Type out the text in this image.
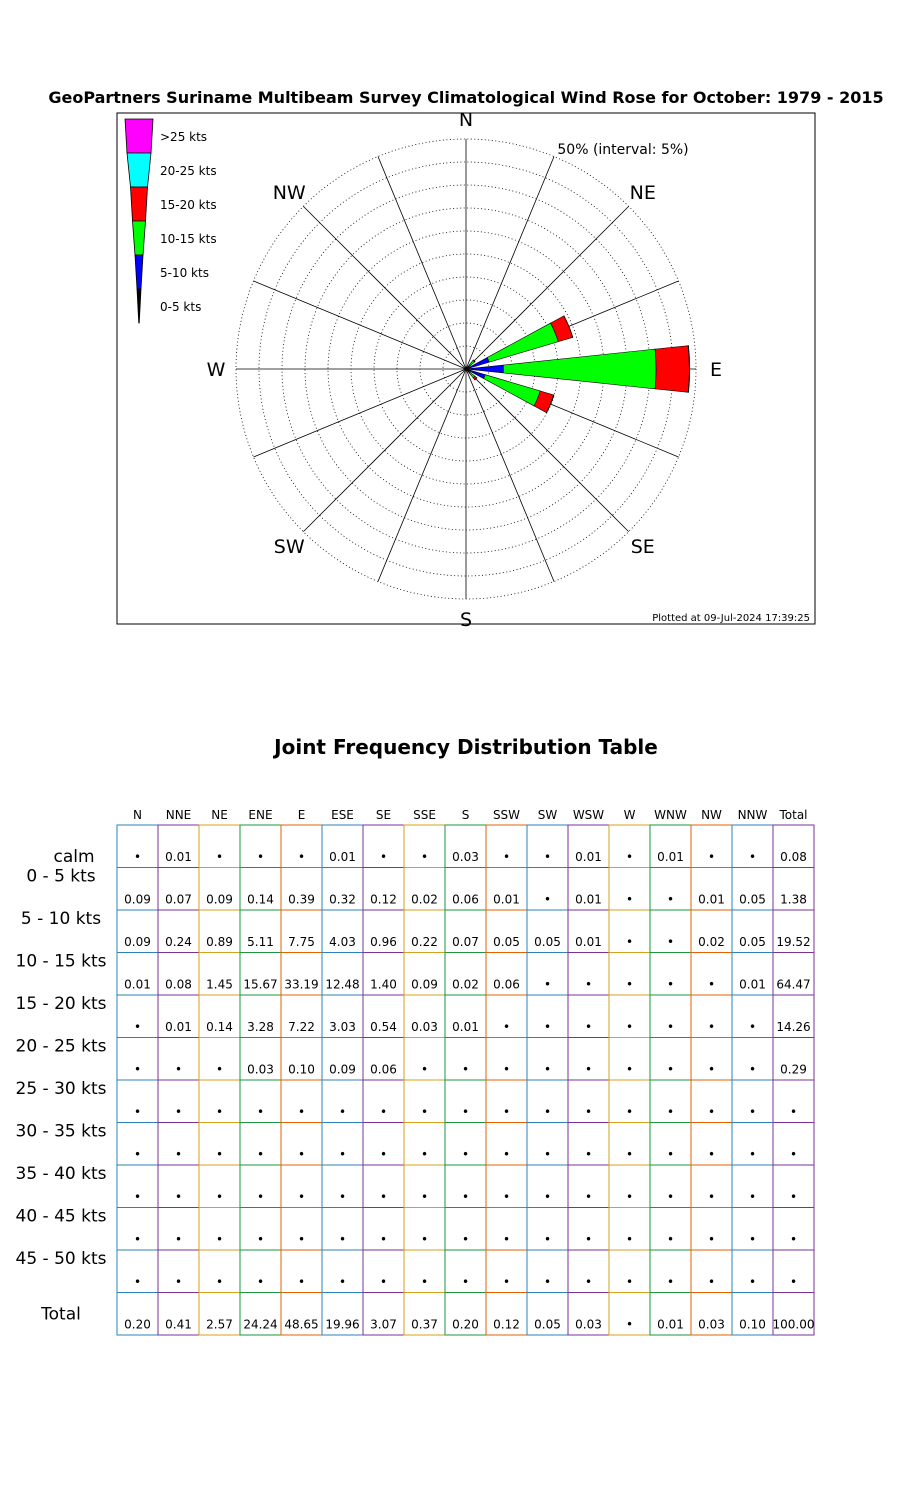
GeoPartners Suriname Multibeam Survey Climatological Wind Rose for October: 1979 - 2015
>25 kts
20-25 kts
15-20 kts
10-15 kts
5-10 kts
0-5 kts
50% (interval: 5%)
Plotted at 09-Jul-2024 17:39:25
N
NE
E
SE
S
SW
W
NW
Joint Frequency Distribution Table
N NNE NE ENE E ESE SE SSE S SSW SW WSW W WNW NW NNW Total
calm	• 0.01 •	•	• 0.01 •	• 0.03 •	• 0.01 • 0.01 •	• 0.08
0 - 5 kts
0.09 0.07 0.09 0.14 0.39 0.32 0.12 0.02 0.06 0.01 • 0.01 •	• 0.01 0.05 1.38
5 - 10 kts
0.09 0.24 0.89 5.11 7.75 4.03 0.96 0.22 0.07 0.05 0.05 0.01 •	• 0.02 0.05 19.52
10 - 15 kts
0.01 0.08 1.45 15.67 33.19 12.48 1.40 0.09 0.02 0.06 •	•	•	•	• 0.01 64.47
15 - 20 kts
• 0.01 0.14 3.28 7.22 3.03 0.54 0.03 0.01 •	•	•	•	•	•	• 14.26
20 - 25 kts
•	•	• 0.03 0.10 0.09 0.06 •	•	•	•	•	•	•	•	• 0.29
25 - 30 kts
•	•	•	•	•	•	•	•	•	•	•	•	•	•	•	•	•
30 - 35 kts
•	•	•	•	•	•	•	•	•	•	•	•	•	•	•	•	•
35 - 40 kts
•	•	•	•	•	•	•	•	•	•	•	•	•	•	•	•	•
40 - 45 kts
•	•	•	•	•	•	•	•	•	•	•	•	•	•	•	•	•
45 - 50 kts
•	•	•	•	•	•	•	•	•	•	•	•	•	•	•	•	•
Total	0.20 0.41 2.57 24.24 48.65 19.96 3.07 0.37 0.20 0.12 0.05 0.03 • 0.01 0.03 0.10 100.00
